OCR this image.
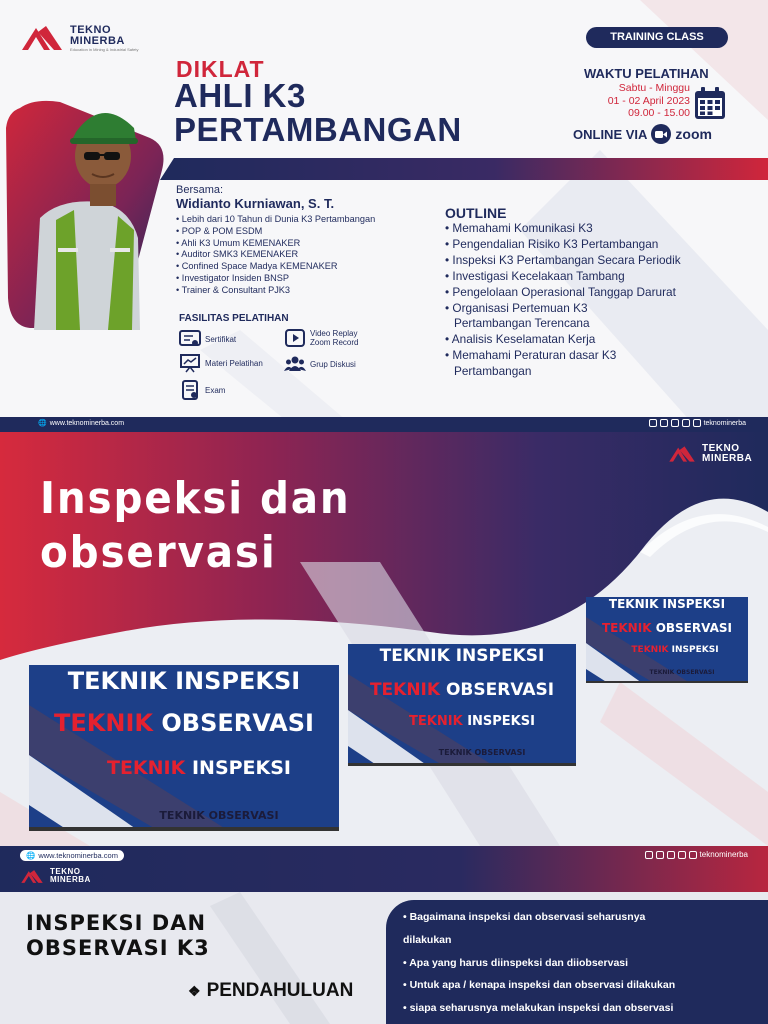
TEKNO
MINERBA
Education in Mining & Industrial Safety
DIKLAT
AHLI K3
PERTAMBANGAN
TRAINING CLASS
WAKTU PELATIHAN
Sabtu - Minggu
01 - 02 April 2023
09.00 - 15.00
ONLINE VIA zoom
Bersama:
Widianto Kurniawan, S. T.
• Lebih dari 10 Tahun di Dunia K3 Pertambangan
• POP & POM ESDM
• Ahli K3 Umum KEMENAKER
• Auditor SMK3 KEMENAKER
• Confined Space Madya KEMENAKER
• Investigator Insiden BNSP
• Trainer & Consultant PJK3
OUTLINE
• Memahami Komunikasi K3
• Pengendalian Risiko K3 Pertambangan
• Inspeksi K3 Pertambangan Secara Periodik
• Investigasi Kecelakaan Tambang
• Pengelolaan Operasional Tanggap Darurat
• Organisasi Pertemuan K3 Pertambangan Terencana
• Analisis Keselamatan Kerja
• Memahami Peraturan dasar K3 Pertambangan
FASILITAS PELATIHAN
Sertifikat
Materi Pelatihan
Exam
Video Replay Zoom Record
Grup Diskusi
🌐 www.teknominerba.com	teknominerba
TEKNO
MINERBA
Inspeksi dan
observasi
TEKNIK INSPEKSI
TEKNIK OBSERVASI
TEKNIK INSPEKSI
TEKNIK OBSERVASI
TEKNIK INSPEKSI
TEKNIK OBSERVASI
TEKNIK INSPEKSI
TEKNIK OBSERVASI
TEKNIK INSPEKSI
TEKNIK OBSERVASI
TEKNIK INSPEKSI
TEKNIK OBSERVASI
🌐 www.teknominerba.com	teknominerba
TEKNO
MINERBA
INSPEKSI DAN
OBSERVASI K3
❖ PENDAHULUAN
• Bagaimana inspeksi dan observasi seharusnya dilakukan
• Apa yang harus diinspeksi dan diiobservasi
• Untuk apa / kenapa inspeksi dan observasi dilakukan
• siapa seharusnya melakukan inspeksi dan observasi
